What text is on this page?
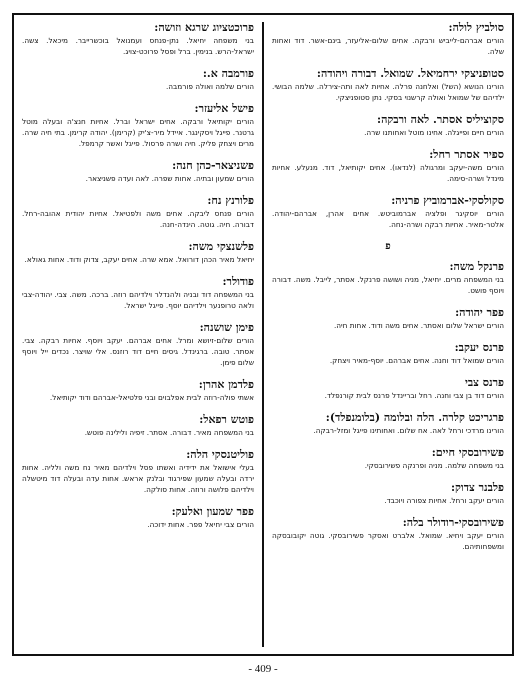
סולביץ לולה:
הורים אברהם-לייביש ורבקה. אחים שלום-אליעזר, בינם-אשר. דוד ואחות שלה.
סטופניצקי ירחמיאל. שמואל. דבורה ויהודה:
הורינו הנושא (השל) ואלחנה פרלה. אחיות לאה ותה-צירלה. שלמה הבושי. ילדיהם של שמואל ואולה קרשנוי בסקי. נתן סטופניצקי.
סקוציליס אסתר. לאה ורבקה:
הורים חיים ופייגלה. אחינו מוטל ואחותנו שרה.
ספיר אסתר רחל:
הורים משה-יעקב ומרגולה (לנדאו). אחים יקותיאל, דוד. מנעלע. אחיות מינדל ושרה-סימה.
סקולסקי-אברמוביץ פרניה:
הורים יוסקיגר ופלציה אברמוביטש. אחים אהרן, אברהם-יהודה. אלטר-מאיר. אחיות רבקה ושרה-נחה.
פ
פרנקל משה:
בני המשפחה מרים. יחיאל, מניה ושושה פרנקל. אסתר, לייבל. משה. דבורה ויוסף פושט.
פפר יהודה:
הורים ישראל שלום ואסתר. אחים משה ודוד. אחות חיה.
פרנס יעקב:
הורים שמואל דוד וחנה. אחים אברהם. יוסף-מאיר ויצחק.
פרנס צבי
הורים דוד בן צבי וחנה. רחל ובריינדל פרנס לבית קורנפלד.
פרגריכט קלרה. הלה ובלומה (בלומנפלד):
הורינו מרדכי ורחל לאה. אח שלום. ואחותינו פייגל ומזל-רבקה.
פשירובסקי חיים:
בני משפחה שלמה. מניה ופרנקה פשירובסקי.
פלבנר צדוק:
הורים יעקב ורחל. אחיות צפורה ויוכבד.
פשירובסקי-רודולר בלה:
הורים יעקב ויחיא. שמואל. אלברט ואסקר פשירובסקי. גוטה יקובובסקה ומשפחותיהם.
פרוכטציוג שרגא וזושה:
בני משפחה יחיאל. נתן-פנחס ועמנואל בוכשרייבר. מיכאל. צשה. ישראל-הרש. בנימין. ברל ופסל פרוכט-צויג.
פורמבה א.:
הורים שלמה ואולה פורמבה.
פישל אליעזר:
הורים יקותיאל ורבקה. אחים ישראל וברל. אחיות חנצ'ה ובעלה מוטל גרטנר. פייגל ויסקינגר. איידל מיר-צ'יק (קרימן). יהודה קרימן. בתי חיה שרה. מרים ויצחק פליק. חיה ושרה פרסול. פייגל ואשר קרמפל.
פשניצאר-כהן חנה:
הורים שמעון ובתיה. אחות שפרה. לאה ועדה פשניצאר.
פלורנץ נח:
הורים פנחס ליבקה. אחים משה ולפטיאל. אחיות יהודית אהובה-רחל. דבורה. חיה. גוטה. הינדה-חנה.
פלשנצקי משה:
יחיאל מאיר הכהן דורואל. אמא שרה. אחים יעקב, צדוק ודוד. אחות גאולא.
פודולר:
בני המשפחה דוד ובניה ולהנדלר וילדיהם רוזה. ברכה. משה. צבי. יהודה-צבי ולאה טרופנער וילדיהם יוסף. פייגל ישראל.
פימן שושנה:
הורים שלום-זיושא ומרל. אחים אברהם. יעקב ויוסף. אחיות רבקה. צבי. אסתר. טובה. ברגינדל. גיסים חיים דוד רוזנס. אלי שויצר. נכדים ייל ויוסף שלום פימן.
פלדמן אהרן:
אשתי פולה-רוזה לבית אפלבוים ובני פלטיאל-אברהם ודוד יקותיאל.
פוטש רפאל:
בני המשפחה מאיר. דבורה. אסתר. זיפיה ולילינה פוטש.
פוליטנסקי הלה:
בעלי אישואל את ידידיה ואשתו פסל וילדיהם מאיר נח משה ולליה. אחות ירדה ובעלה שמעון שפירגוד ובלנק אראש. אחות עדה ובעלה דוד מיטשלה וילדיהם פלושה ורוזה. אחות סולקה.
פפר שמעון ואלעק:
הורים צבי יחיאל פפר. אחות ידוכה.
- 409 -
